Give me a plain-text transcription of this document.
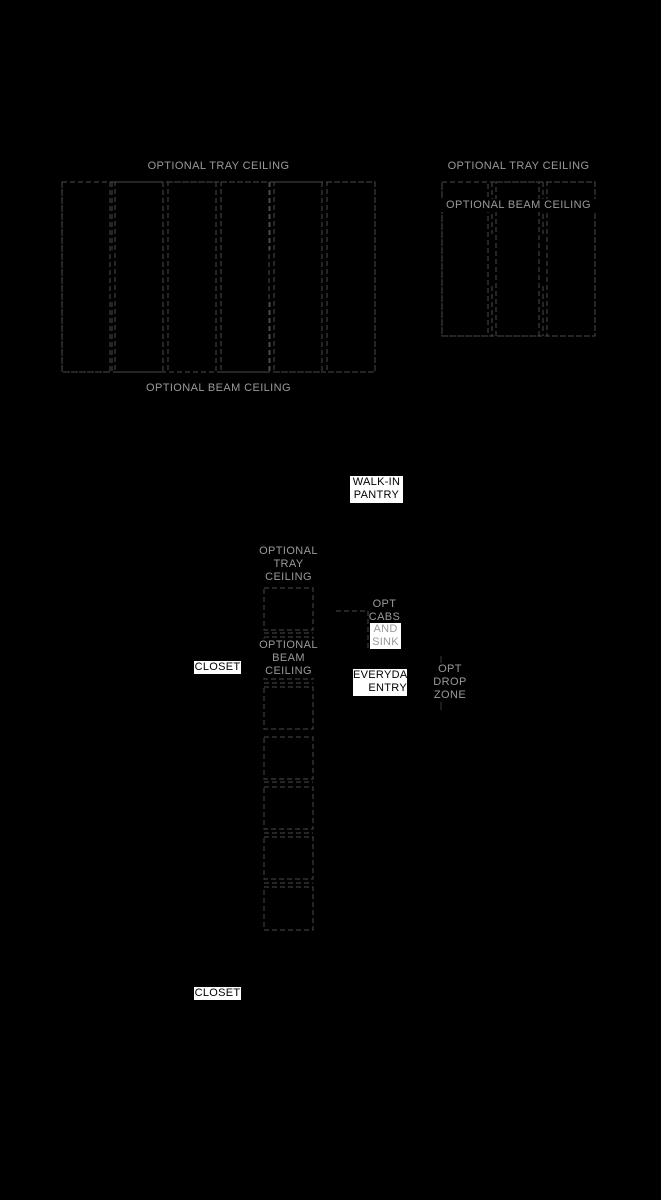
OPTIONAL TRAY CEILING
OPTIONAL BEAM CEILING
OPTIONAL TRAY CEILING
OPTIONAL BEAM CEILING
WALK-IN
PANTRY
OPTIONAL
TRAY
CEILING
OPTIONAL
BEAM
CEILING
OPT
CABS
AND
SINK
CLOSET
EVERYDAY
ENTRY
OPT
DROP
ZONE
CLOSET
